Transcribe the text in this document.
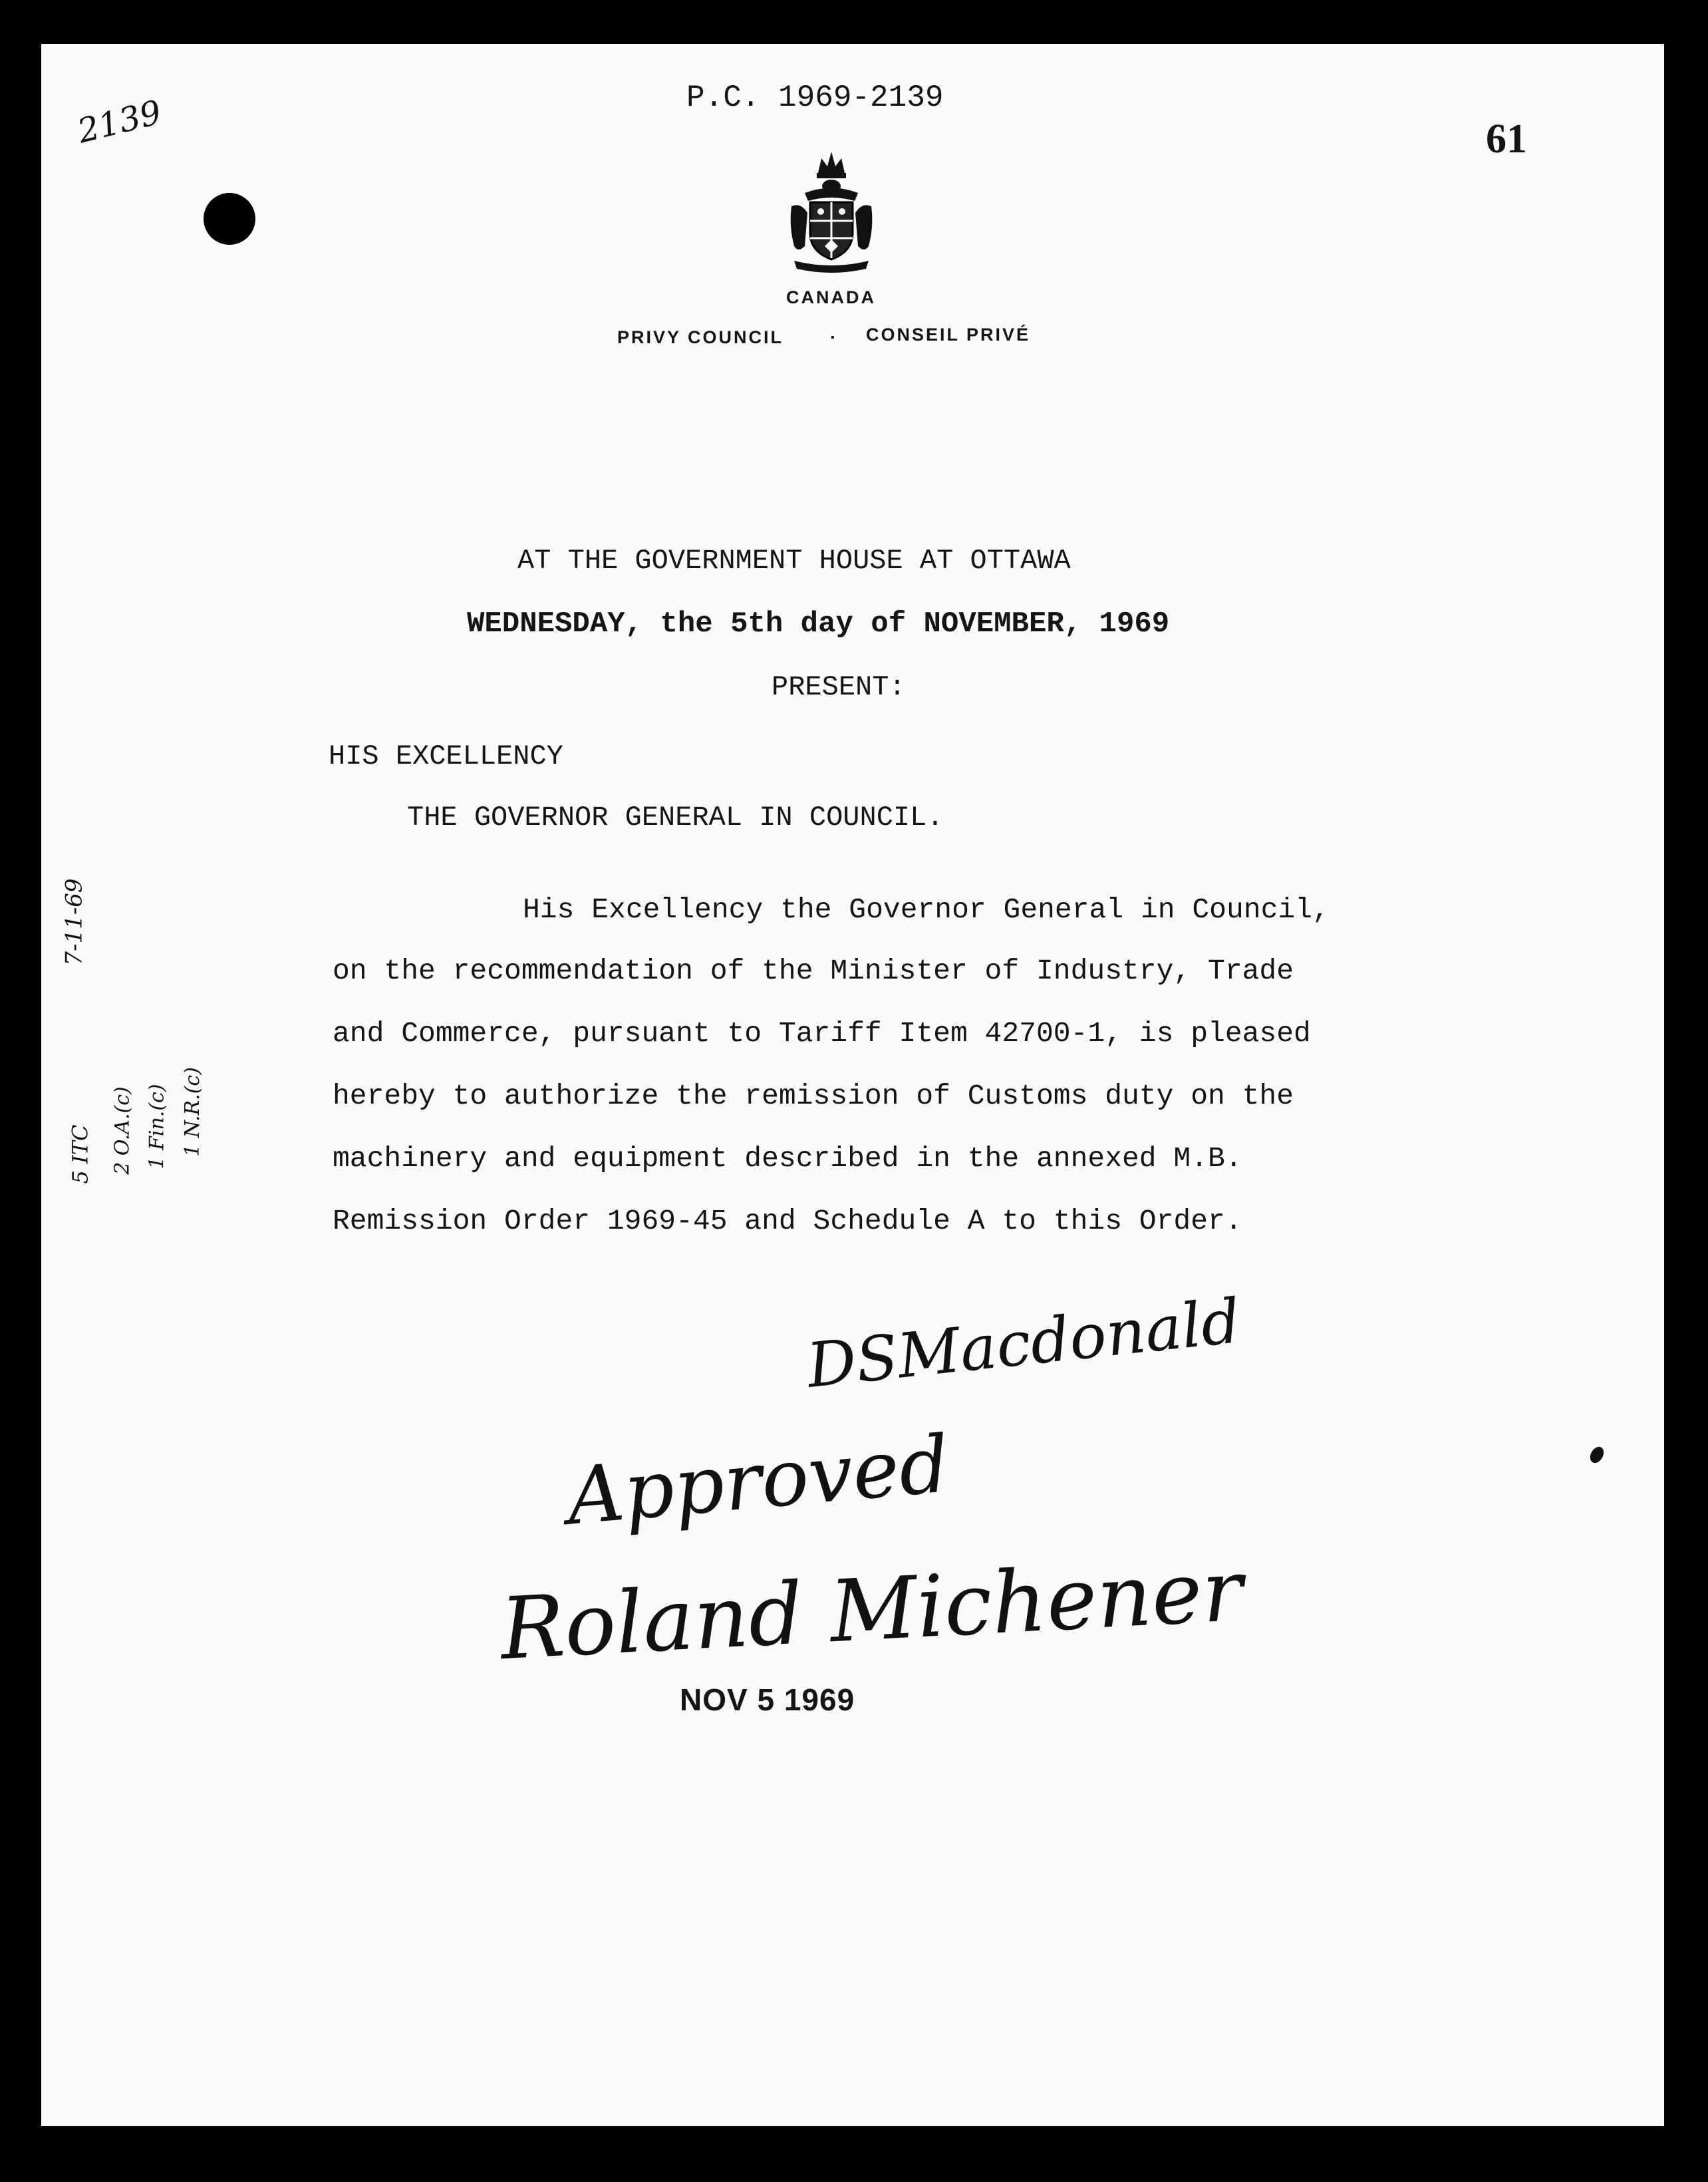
2139	P.C. 1969-2139

61

CANADA

PRIVY COUNCIL	· CONSEIL PRIVÉ

AT THE GOVERNMENT HOUSE AT OTTAWA

WEDNESDAY, the 5th day of NOVEMBER, 1969

PRESENT:

HIS EXCELLENCY

THE GOVERNOR GENERAL IN COUNCIL.

His Excellency the Governor General in Council,

on the recommendation of the Minister of Industry, Trade

and Commerce, pursuant to Tariff Item 42700-1, is pleased

hereby to authorize the remission of Customs duty on the

machinery and equipment described in the annexed M.B.

Remission Order 1969-45 and Schedule A to this Order.

7-11-69

5 ITC 2 O.A.(c) 1 Fin.(c) 1 N.R.(c)

DSMacdonald

Approved

Roland Michener

NOV 5 1969
